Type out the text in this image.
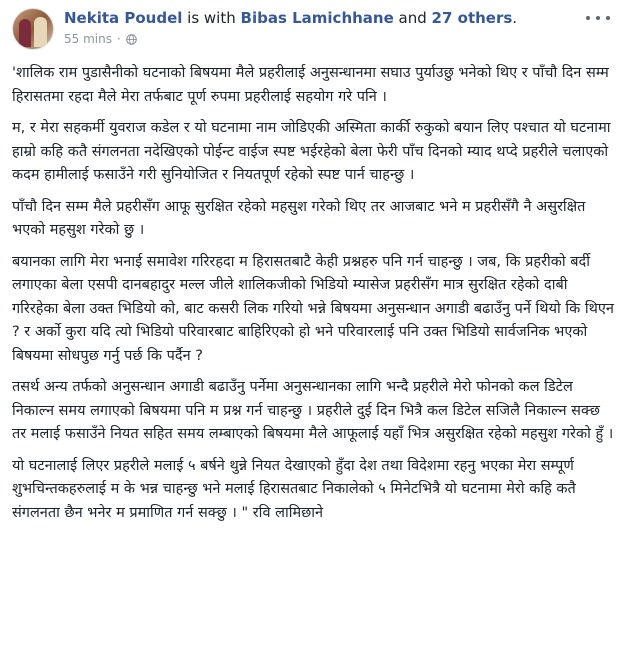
Nekita Poudel is with Bibas Lamichhane and 27 others.
55 mins ·

'शालिक राम पुडासैनीको घटनाको बिषयमा मैले प्रहरीलाई अनुसन्धानमा सघाउ पुर्याउछु भनेको थिए र पाँचौ दिन सम्म हिरासतमा रहदा मैले मेरा तर्फबाट पूर्ण रुपमा प्रहरीलाई सहयोग गरे पनि ।

म, र मेरा सहकर्मी युवराज कडेल र यो घटनामा नाम जोडिएकी अस्मिता कार्की रुकुको बयान लिए पश्चात यो घटनामा हाम्रो कहि कतै संगलनता नदेखिएको पोईन्ट वाईज स्पष्ट भईरहेको बेला फेरी पाँच दिनको म्याद थप्दे प्रहरीले चलाएको कदम हामीलाई फसाउँने गरी सुनियोजित र नियतपूर्ण रहेको स्पष्ट पार्न चाहन्छु ।

पाँचौ दिन सम्म मैले प्रहरीसँग आफू सुरक्षित रहेको महसुश गरेको थिए तर आजबाट भने म प्रहरीसँगै नै असुरक्षित भएको महसुश गरेको छु ।

बयानका लागि मेरा भनाई समावेश गरिरहदा म हिरासतबाटै केही प्रश्नहरु पनि गर्न चाहन्छु । जब, कि प्रहरीको बर्दी लगाएका बेला एसपी दानबहादुर मल्ल जीले शालिकजीको भिडियो म्यासेज प्रहरीसँग मात्र सुरक्षित रहेको दाबी गरिरहेका बेला उक्त भिडियो को, बाट कसरी लिक गरियो भन्ने बिषयमा अनुसन्धान अगाडी बढाउँनु पर्ने थियो कि थिएन ? र अर्को कुरा यदि त्यो भिडियो परिवारबाट बाहिरिएको हो भने परिवारलाई पनि उक्त भिडियो सार्वजनिक भएको बिषयमा सोधपुछ गर्नु पर्छ कि पर्दैन ?

तसर्थ अन्य तर्फको अनुसन्धान अगाडी बढाउँनु पर्नेमा अनुसन्धानका लागि भन्दै प्रहरीले मेरो फोनको कल डिटेल निकाल्न समय लगाएको बिषयमा पनि म प्रश्न गर्न चाहन्छु । प्रहरीले दुई दिन भित्रै कल डिटेल सजिलै निकाल्न सक्छ तर मलाई फसाउँने नियत सहित समय लम्बाएको बिषयमा मैले आफूलाई यहाँ भित्र असुरक्षित रहेको महसुश गरेको हुँ ।

यो घटनालाई लिएर प्रहरीले मलाई ५ बर्षने थुन्ने नियत देखाएको हुँदा देश तथा विदेशमा रहनु भएका मेरा सम्पूर्ण शुभचिन्तकहरुलाई म के भन्न चाहन्छु भने मलाई हिरासतबाट निकालेको ५ मिनेटभित्रै यो घटनामा मेरो कहि कतै संगलनता छैन भनेर म प्रमाणित गर्न सक्छु । " रवि लामिछाने
